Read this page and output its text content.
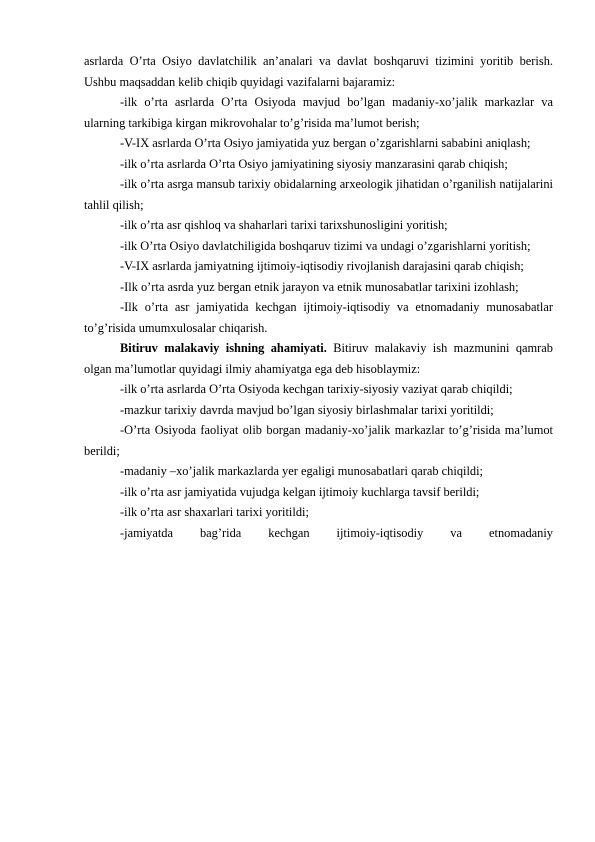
asrlarda O’rta Osiyo davlatchilik an’analari va davlat boshqaruvi tizimini yoritib berish. Ushbu maqsaddan kelib chiqib quyidagi vazifalarni bajaramiz:

-ilk o’rta asrlarda O’rta Osiyoda mavjud bo’lgan madaniy-xo’jalik markazlar va ularning tarkibiga kirgan mikrovohalar to’g’risida ma’lumot berish;

-V-IX asrlarda O’rta Osiyo jamiyatida yuz bergan o’zgarishlarni sababini aniqlash;

-ilk o’rta asrlarda O’rta Osiyo jamiyatining siyosiy manzarasini qarab chiqish;

-ilk o’rta asrga mansub tarixiy obidalarning arxeologik jihatidan o’rganilish natijalarini tahlil qilish;

-ilk o’rta asr qishloq va shaharlari tarixi tarixshunosligini yoritish;

-ilk O’rta Osiyo davlatchiligida boshqaruv tizimi va undagi o’zgarishlarni yoritish;

-V-IX asrlarda jamiyatning ijtimoiy-iqtisodiy rivojlanish darajasini qarab chiqish;

-Ilk o’rta asrda yuz bergan etnik jarayon va etnik munosabatlar tarixini izohlash;

-Ilk o’rta asr jamiyatida kechgan ijtimoiy-iqtisodiy va etnomadaniy munosabatlar to’g’risida umumxulosalar chiqarish.

Bitiruv malakaviy ishning ahamiyati. Bitiruv malakaviy ish mazmunini qamrab olgan ma’lumotlar quyidagi ilmiy ahamiyatga ega deb hisoblaymiz:

-ilk o’rta asrlarda O’rta Osiyoda kechgan tarixiy-siyosiy vaziyat qarab chiqildi;

-mazkur tarixiy davrda mavjud bo’lgan siyosiy birlashmalar tarixi yoritildi;

-O’rta Osiyoda faoliyat olib borgan madaniy-xo’jalik markazlar to’g’risida ma’lumot berildi;

-madaniy –xo’jalik markazlarda yer egaligi munosabatlari qarab chiqildi;

-ilk o’rta asr jamiyatida vujudga kelgan ijtimoiy kuchlarga tavsif berildi;

-ilk o’rta asr shaxarlari tarixi yoritildi;

-jamiyatda bag’rida kechgan ijtimoiy-iqtisodiy va etnomadaniy
